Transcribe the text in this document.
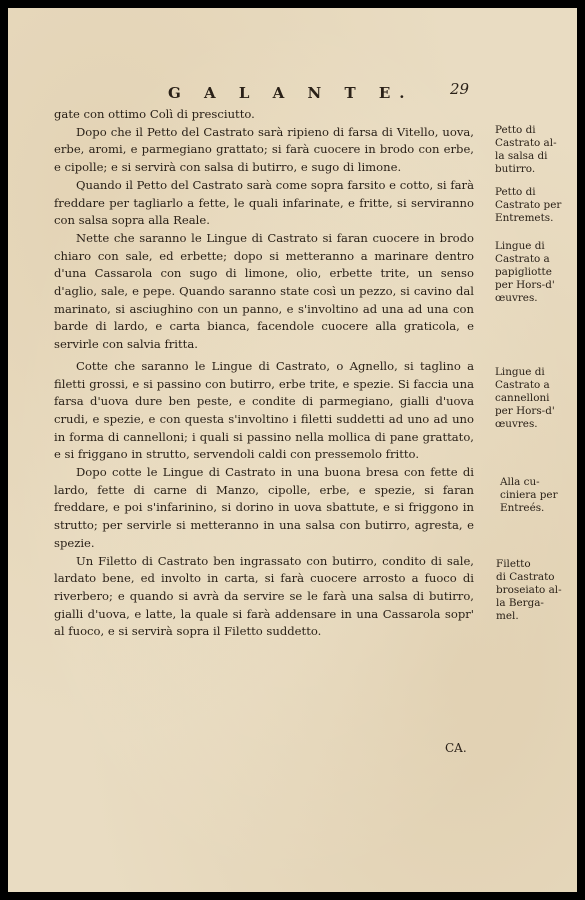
G A L A N T E. 29

gate con ottimo Colì di presciutto.

Dopo che il Petto del Castrato sarà ripieno di farsa di Vitello, uova, erbe, aromi, e parmegiano grattato; si farà cuocere in brodo con erbe, e cipolle; e si servirà con salsa di butirro, e sugo di limone.

Quando il Petto del Castrato sarà come sopra farsito e cotto, si farà freddare per tagliarlo a fette, le quali infarinate, e fritte, si serviranno con salsa sopra alla Reale.

Nette che saranno le Lingue di Castrato si faran cuocere in brodo chiaro con sale, ed erbette; dopo si metteranno a marinare dentro d'una Cassarola con sugo di limone, olio, erbette trite, un senso d'aglio, sale, e pepe. Quando saranno state così un pezzo, si cavino dal marinato, si asciughino con un panno, e s'involtino ad una ad una con barde di lardo, e carta bianca, facendole cuocere alla graticola, e servirle con salvia fritta.

Cotte che saranno le Lingue di Castrato, o Agnello, si taglino a filetti grossi, e si passino con butirro, erbe trite, e spezie. Si faccia una farsa d'uova dure ben peste, e condite di parmegiano, gialli d'uova crudi, e spezie, e con questa s'involtino i filetti suddetti ad uno ad uno in forma di cannelloni; i quali si passino nella mollica di pane grattato, e si friggano in strutto, servendoli caldi con pressemolo fritto.

Dopo cotte le Lingue di Castrato in una buona bresa con fette di lardo, fette di carne di Manzo, cipolle, erbe, e spezie, si faran freddare, e poi s'infarinino, si dorino in uova sbattute, e si friggono in strutto; per servirle si metteranno in una salsa con butirro, agresta, e spezie.

Un Filetto di Castrato ben ingrassato con butirro, condito di sale, lardato bene, ed involto in carta, si farà cuocere arrosto a fuoco di riverbero; e quando si avrà da servire se le farà una salsa di butirro, gialli d'uova, e latte, la quale si farà addensare in una Cassarola sopr' al fuoco, e si servirà sopra il Filetto suddetto.

Petto di
Castrato al-
la salsa di
butirro.
Petto di
Castrato per
Entremets.
Lingue di
Castrato a
papigliotte
per Hors-d'
œuvres.
Lingue di
Castrato a
cannelloni
per Hors-d'
œuvres.
Alla cu-
ciniera per
Entreés.
Filetto
di Castrato
broseiato al-
la Berga-
mel.
CA.
